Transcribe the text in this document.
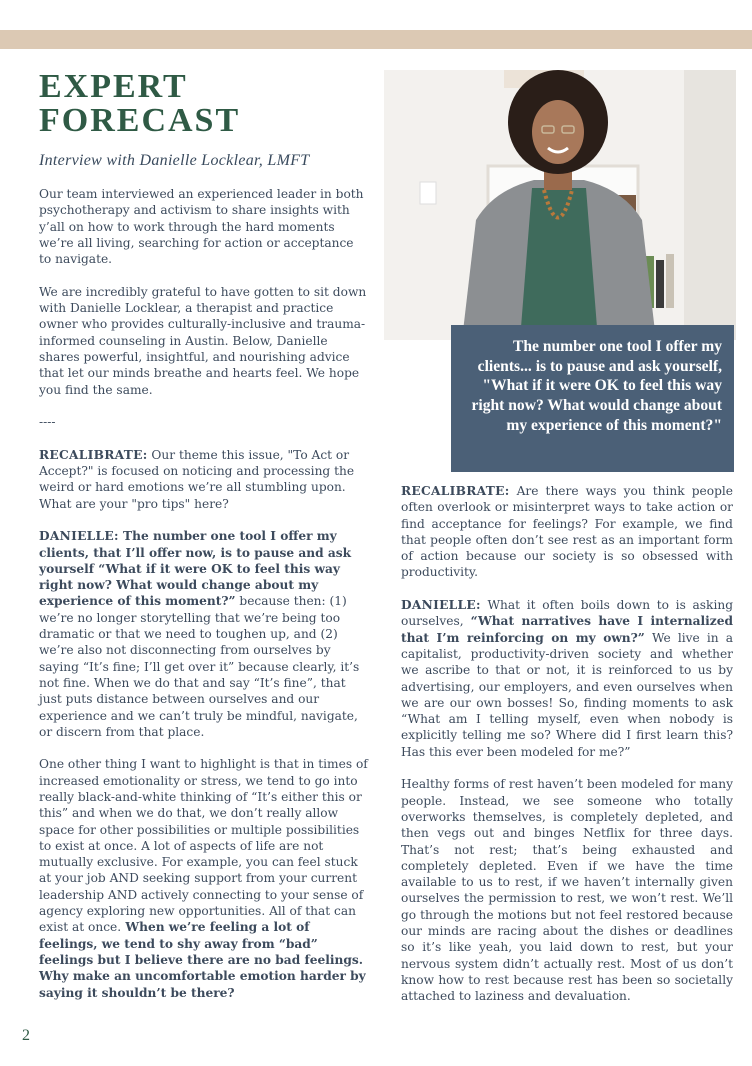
EXPERT
FORECAST
Interview with Danielle Locklear, LMFT

Our team interviewed an experienced leader in both psychotherapy and activism to share insights with y’all on how to work through the hard moments we’re all living, searching for action or acceptance to navigate.

We are incredibly grateful to have gotten to sit down with Danielle Locklear, a therapist and practice owner who provides culturally-inclusive and trauma-informed counseling in Austin. Below, Danielle shares powerful, insightful, and nourishing advice that let our minds breathe and hearts feel. We hope you find the same.

----

RECALIBRATE: Our theme this issue, "To Act or Accept?" is focused on noticing and processing the weird or hard emotions we’re all stumbling upon. What are your "pro tips" here?

DANIELLE: The number one tool I offer my clients, that I’ll offer now, is to pause and ask yourself “What if it were OK to feel this way right now? What would change about my experience of this moment?” because then: (1) we’re no longer storytelling that we’re being too dramatic or that we need to toughen up, and (2) we’re also not disconnecting from ourselves by saying “It’s fine; I’ll get over it” because clearly, it’s not fine. When we do that and say “It’s fine”, that just puts distance between ourselves and our experience and we can’t truly be mindful, navigate, or discern from that place.

One other thing I want to highlight is that in times of increased emotionality or stress, we tend to go into really black-and-white thinking of “It’s either this or this” and when we do that, we don’t really allow space for other possibilities or multiple possibilities to exist at once. A lot of aspects of life are not mutually exclusive. For example, you can feel stuck at your job AND seeking support from your current leadership AND actively connecting to your sense of agency exploring new opportunities. All of that can exist at once. When we’re feeling a lot of feelings, we tend to shy away from “bad” feelings but I believe there are no bad feelings. Why make an uncomfortable emotion harder by saying it shouldn’t be there?

The number one tool I offer my clients... is to pause and ask yourself, "What if it were OK to feel this way right now? What would change about my experience of this moment?"

RECALIBRATE: Are there ways you think people often overlook or misinterpret ways to take action or find acceptance for feelings? For example, we find that people often don’t see rest as an important form of action because our society is so obsessed with productivity.

DANIELLE: What it often boils down to is asking ourselves, “What narratives have I internalized that I’m reinforcing on my own?” We live in a capitalist, productivity-driven society and whether we ascribe to that or not, it is reinforced to us by advertising, our employers, and even ourselves when we are our own bosses! So, finding moments to ask “What am I telling myself, even when nobody is explicitly telling me so? Where did I first learn this? Has this ever been modeled for me?”

Healthy forms of rest haven’t been modeled for many people. Instead, we see someone who totally overworks themselves, is completely depleted, and then vegs out and binges Netflix for three days. That’s not rest; that’s being exhausted and completely depleted. Even if we have the time available to us to rest, if we haven’t internally given ourselves the permission to rest, we won’t rest. We’ll go through the motions but not feel restored because our minds are racing about the dishes or deadlines so it’s like yeah, you laid down to rest, but your nervous system didn’t actually rest. Most of us don’t know how to rest because rest has been so societally attached to laziness and devaluation.

2
